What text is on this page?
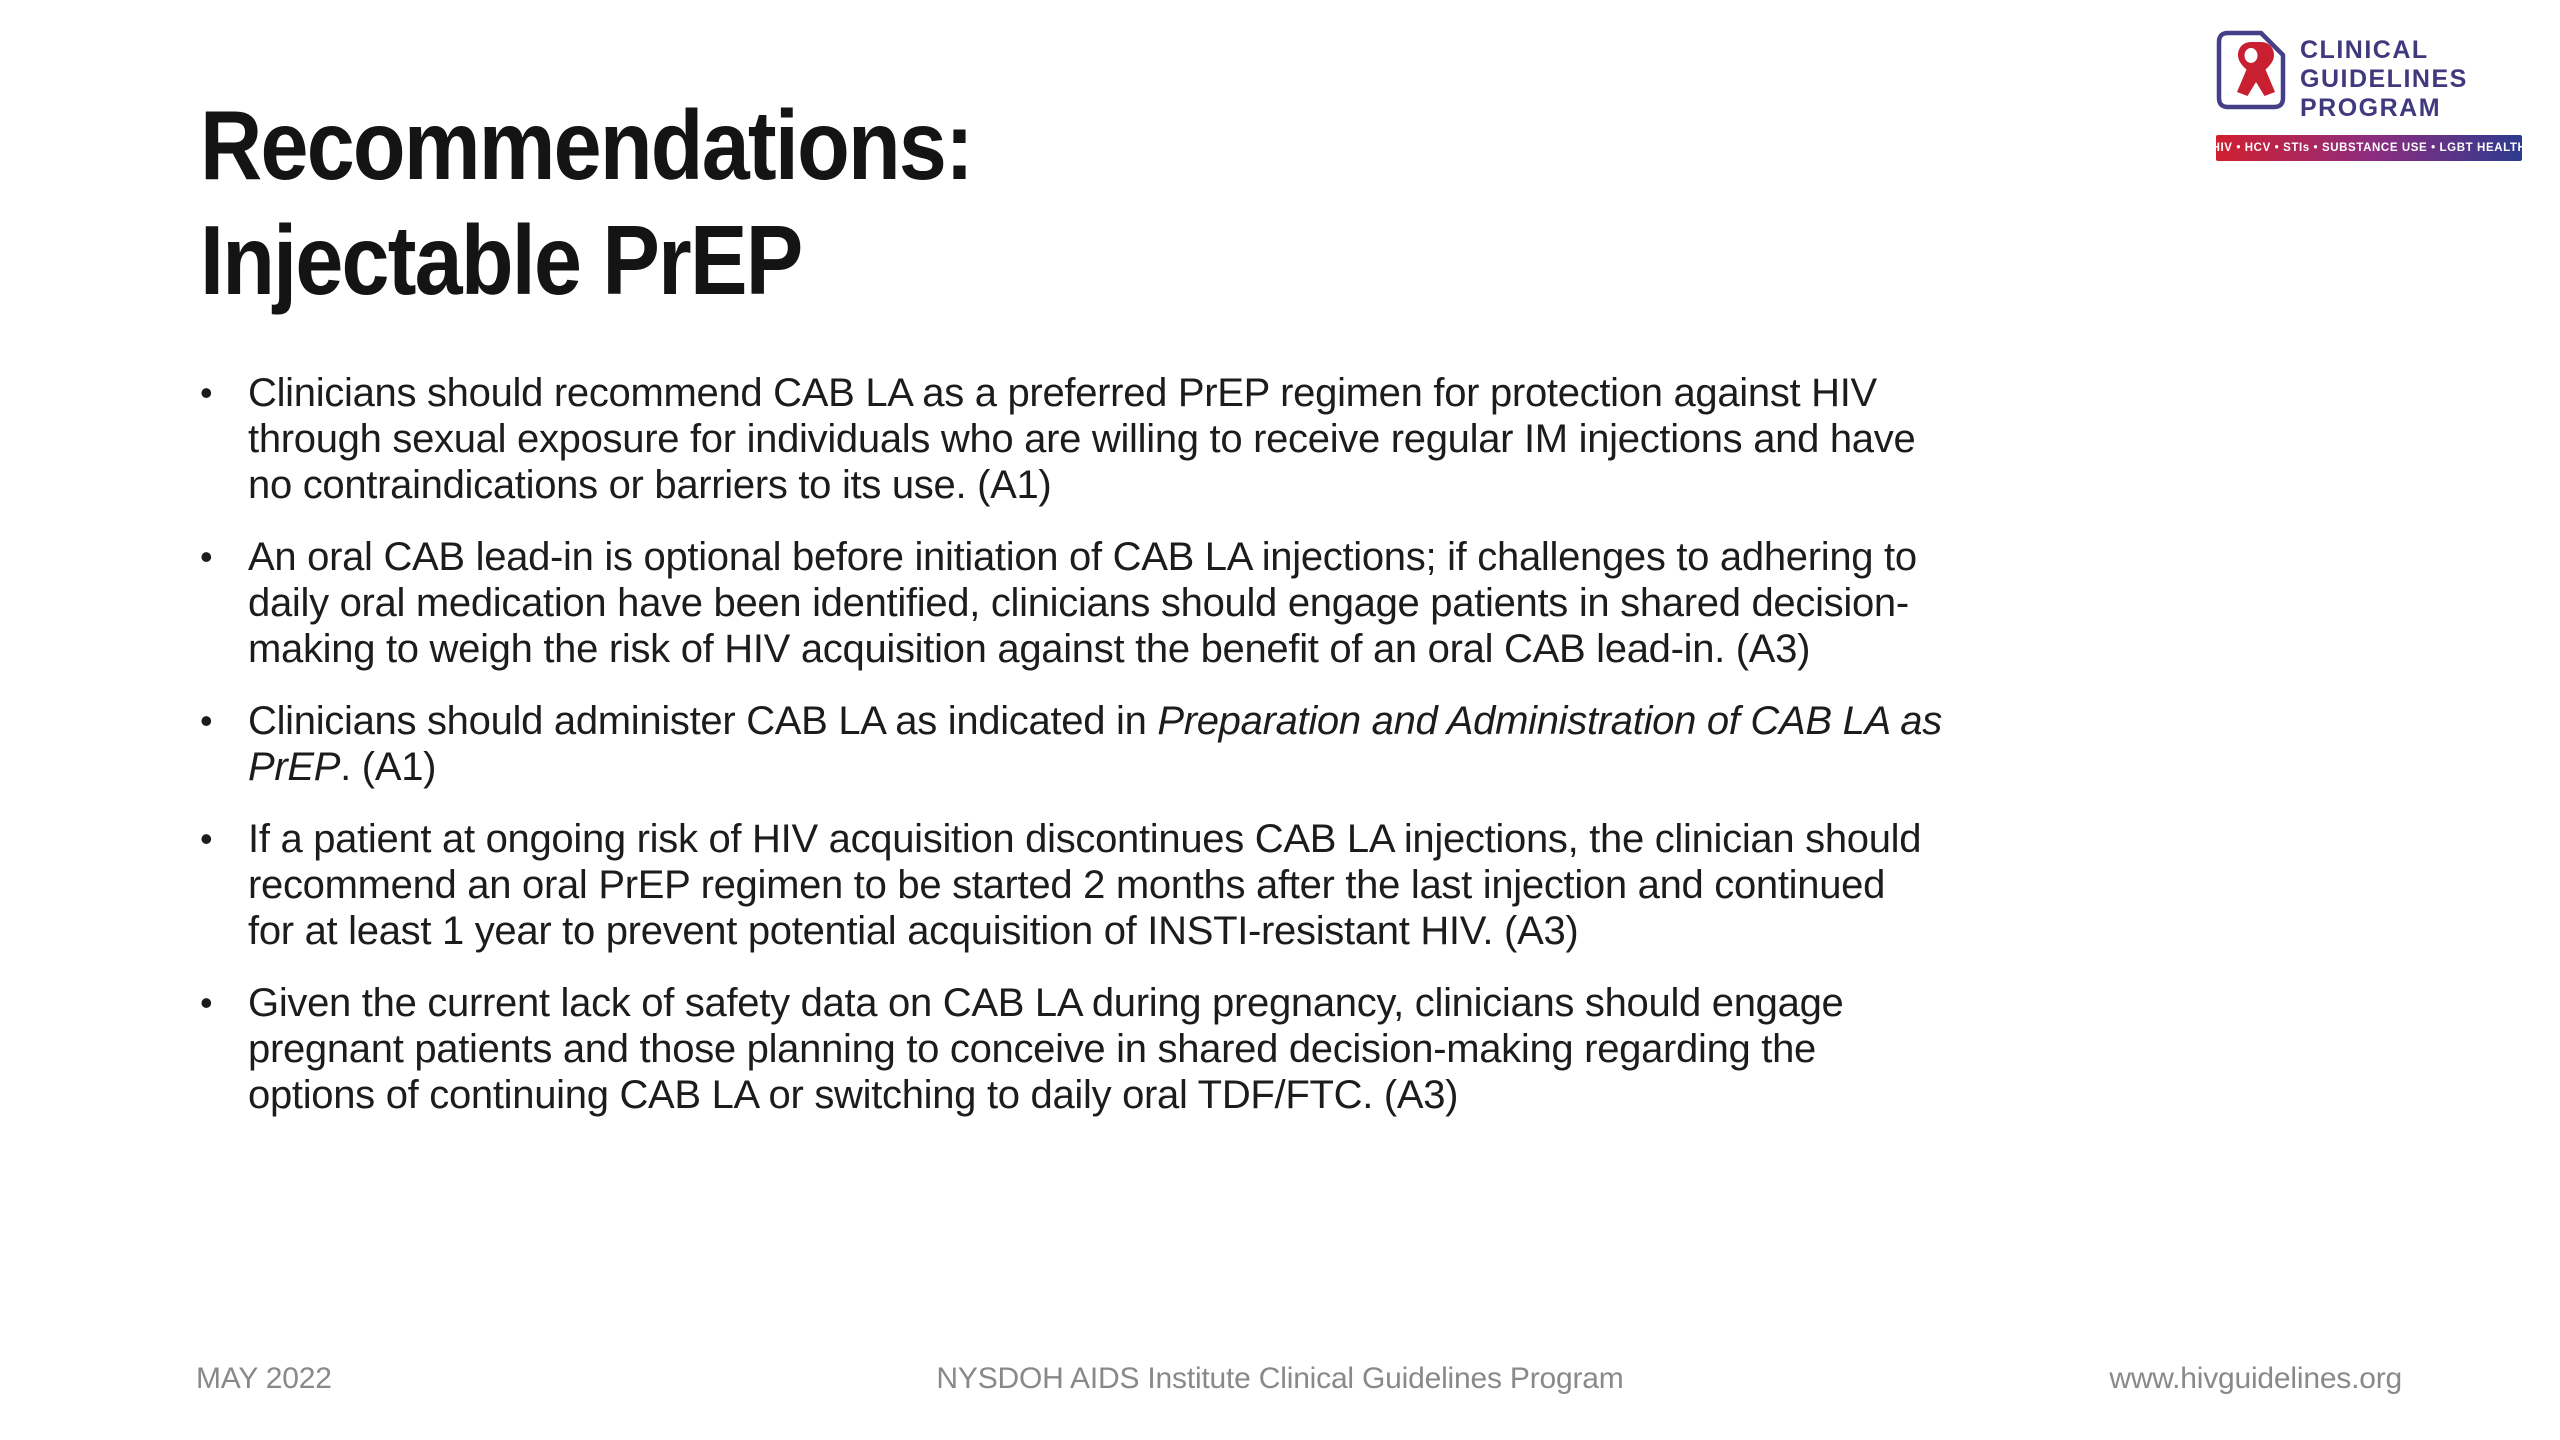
CLINICAL
GUIDELINES
PROGRAM
HIV • HCV • STIs • SUBSTANCE USE • LGBT HEALTH
Recommendations:
Injectable PrEP
• Clinicians should recommend CAB LA as a preferred PrEP regimen for protection against HIV
through sexual exposure for individuals who are willing to receive regular IM injections and have
no contraindications or barriers to its use. (A1)
• An oral CAB lead-in is optional before initiation of CAB LA injections; if challenges to adhering to
daily oral medication have been identified, clinicians should engage patients in shared decision-
making to weigh the risk of HIV acquisition against the benefit of an oral CAB lead-in. (A3)
• Clinicians should administer CAB LA as indicated in Preparation and Administration of CAB LA as
PrEP. (A1)
• If a patient at ongoing risk of HIV acquisition discontinues CAB LA injections, the clinician should
recommend an oral PrEP regimen to be started 2 months after the last injection and continued
for at least 1 year to prevent potential acquisition of INSTI-resistant HIV. (A3)
• Given the current lack of safety data on CAB LA during pregnancy, clinicians should engage
pregnant patients and those planning to conceive in shared decision-making regarding the
options of continuing CAB LA or switching to daily oral TDF/FTC. (A3)
NYSDOH AIDS Institute Clinical Guidelines Program
MAY 2022	www.hivguidelines.org
